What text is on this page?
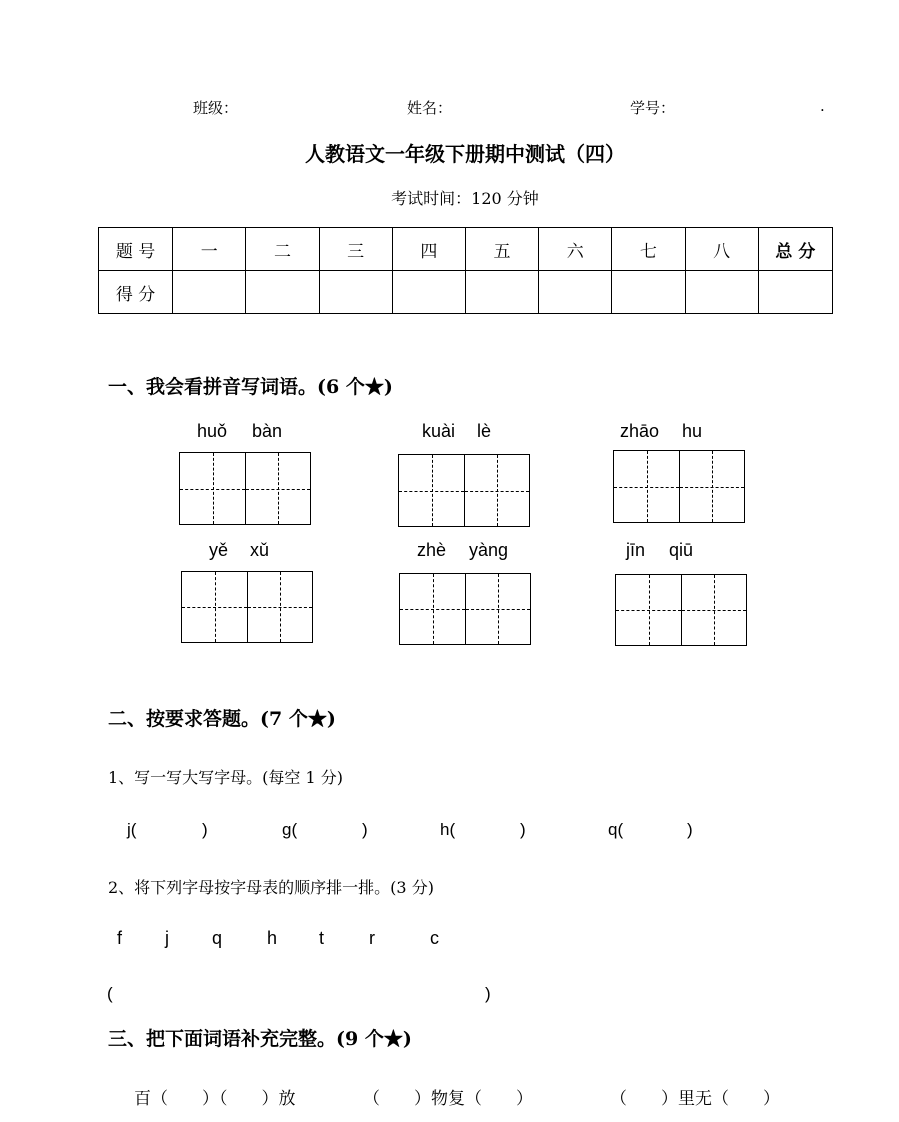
班级：	姓名：	学号：	.
人教语文一年级下册期中测试（四）
考试时间：120 分钟
题 号	一	二	三	四	五	六	七	八	总 分
得 分									
一、我会看拼音写词语。(6 个★)
huǒ bàn	kuài lè	zhāo hu
yě xǔ	zhè yàng	jīn qiū
二、按要求答题。(7 个★)
1、写一写大写字母。(每空 1 分)
j(	)	g(	)	h(	)	q(	)
2、将下列字母按字母表的顺序排一排。(3 分)
f j q h t r	c
(	)
三、把下面词语补充完整。(9 个★)
百（　　）（　　）放	（　　）物复（　　）	（　　）里无（　　）
